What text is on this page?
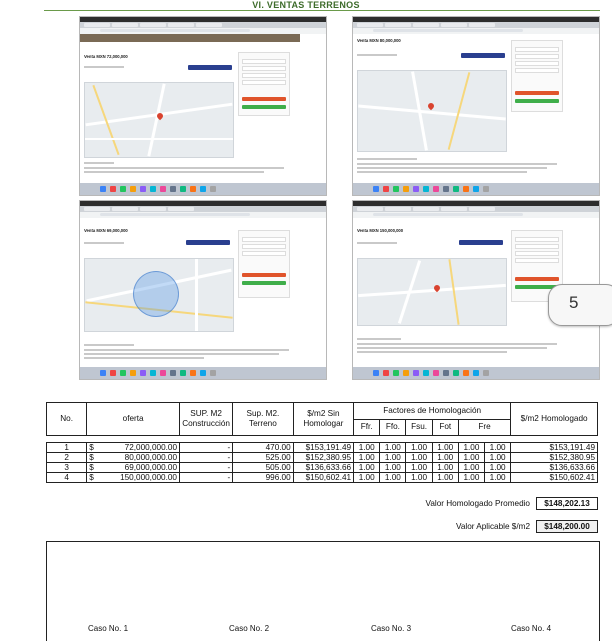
VI. VENTAS TERRENOS
Venta MXN 72,000,000
Venta MXN 80,000,000
Venta MXN 69,000,000	Venta MXN 150,000,000
5
No.	oferta	SUP. M2 Construcción	Sup. M2. Terreno	$/m2 Sin Homologar	Factores de Homologación						$/m2 Homologado
					Ffr.	Ffo.	Fsu.	Fot	Fre		

1	$ 72,000,000.00	-	470.00	$153,191.49	1.00	1.00	1.00	1.00	1.00	1.00	$153,191.49
2	$ 80,000,000.00	-	525.00	$152,380.95	1.00	1.00	1.00	1.00	1.00	1.00	$152,380.95
3	$ 69,000,000.00	-	505.00	$136,633.66	1.00	1.00	1.00	1.00	1.00	1.00	$136,633.66
4	$ 150,000,000.00	-	996.00	$150,602.41	1.00	1.00	1.00	1.00	1.00	1.00	$150,602.41
Valor Homologado Promedio	$148,202.13
Valor Aplicable $/m2	$148,200.00
Caso No. 1	Caso No. 2	Caso No. 3	Caso No. 4
